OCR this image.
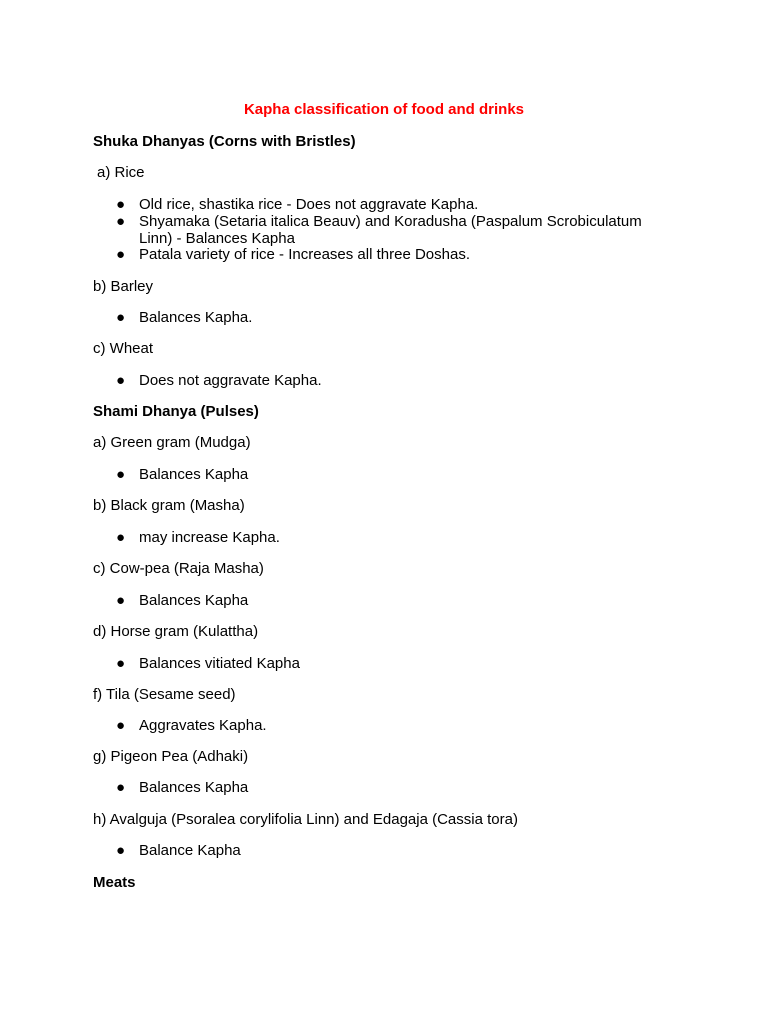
Kapha classification of food and drinks
Shuka Dhanyas (Corns with Bristles)
a) Rice
● Old rice, shastika rice - Does not aggravate Kapha.
● Shyamaka (Setaria italica Beauv) and Koradusha (Paspalum Scrobiculatum Linn) - Balances Kapha
● Patala variety of rice - Increases all three Doshas.
b) Barley
● Balances Kapha.
c) Wheat
● Does not aggravate Kapha.
Shami Dhanya (Pulses)
a) Green gram (Mudga)
● Balances Kapha
b) Black gram (Masha)
● may increase Kapha.
c) Cow-pea (Raja Masha)
● Balances Kapha
d) Horse gram (Kulattha)
● Balances vitiated Kapha
f) Tila (Sesame seed)
● Aggravates Kapha.
g) Pigeon Pea (Adhaki)
● Balances Kapha
h) Avalguja (Psoralea corylifolia Linn) and Edagaja (Cassia tora)
● Balance Kapha
Meats
